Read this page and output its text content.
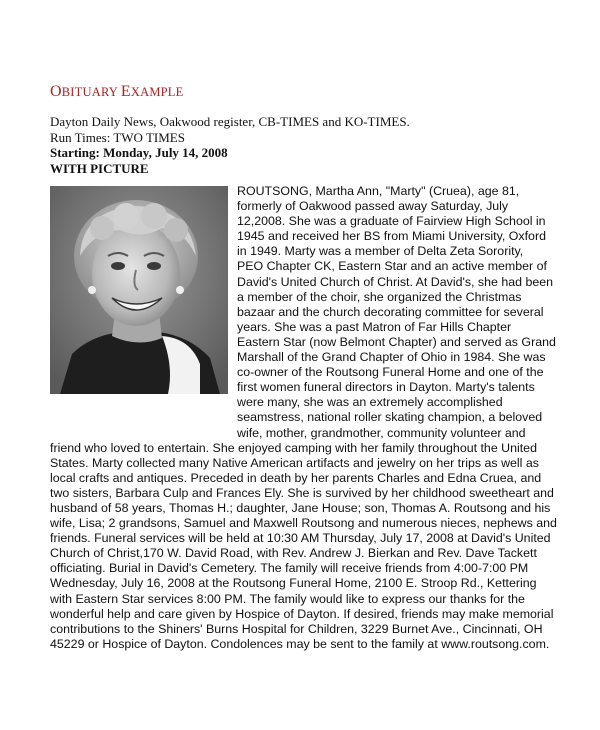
OBITUARY EXAMPLE
Dayton Daily News, Oakwood register, CB-TIMES and KO-TIMES.
Run Times: TWO TIMES
Starting: Monday, July 14, 2008
WITH PICTURE
ROUTSONG, Martha Ann, "Marty" (Cruea), age 81,
formerly of Oakwood passed away Saturday, July
12,2008. She was a graduate of Fairview High School in
1945 and received her BS from Miami University, Oxford
in 1949. Marty was a member of Delta Zeta Sorority,
PEO Chapter CK, Eastern Star and an active member of
David's United Church of Christ. At David's, she had been
a member of the choir, she organized the Christmas
bazaar and the church decorating committee for several
years. She was a past Matron of Far Hills Chapter
Eastern Star (now Belmont Chapter) and served as Grand
Marshall of the Grand Chapter of Ohio in 1984. She was
co-owner of the Routsong Funeral Home and one of the
first women funeral directors in Dayton. Marty's talents
were many, she was an extremely accomplished
seamstress, national roller skating champion, a beloved
wife, mother, grandmother, community volunteer and
friend who loved to entertain. She enjoyed camping with her family throughout the United
States. Marty collected many Native American artifacts and jewelry on her trips as well as
local crafts and antiques. Preceded in death by her parents Charles and Edna Cruea, and
two sisters, Barbara Culp and Frances Ely. She is survived by her childhood sweetheart and
husband of 58 years, Thomas H.; daughter, Jane House; son, Thomas A. Routsong and his
wife, Lisa; 2 grandsons, Samuel and Maxwell Routsong and numerous nieces, nephews and
friends. Funeral services will be held at 10:30 AM Thursday, July 17, 2008 at David's United
Church of Christ,170 W. David Road, with Rev. Andrew J. Bierkan and Rev. Dave Tackett
officiating. Burial in David's Cemetery. The family will receive friends from 4:00-7:00 PM
Wednesday, July 16, 2008 at the Routsong Funeral Home, 2100 E. Stroop Rd., Kettering
with Eastern Star services 8:00 PM. The family would like to express our thanks for the
wonderful help and care given by Hospice of Dayton. If desired, friends may make memorial
contributions to the Shiners' Burns Hospital for Children, 3229 Burnet Ave., Cincinnati, OH
45229 or Hospice of Dayton. Condolences may be sent to the family at www.routsong.com.
